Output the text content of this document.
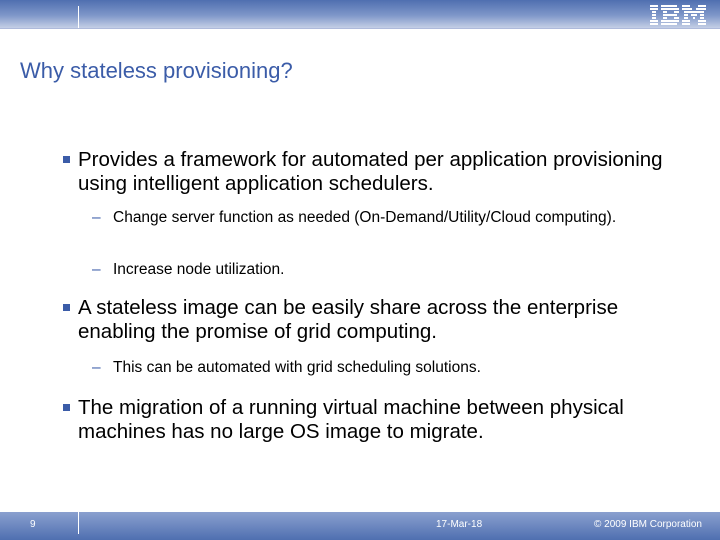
Why stateless provisioning?
Provides a framework for automated per application provisioning using intelligent application schedulers.
– Change server function as needed (On-Demand/Utility/Cloud computing).
– Increase node utilization.
A stateless image can be easily share across the enterprise enabling the promise of grid computing.
– This can be automated with grid scheduling solutions.
The migration of a running virtual machine between physical machines has no large OS image to migrate.
9	17-Mar-18	© 2009 IBM Corporation
